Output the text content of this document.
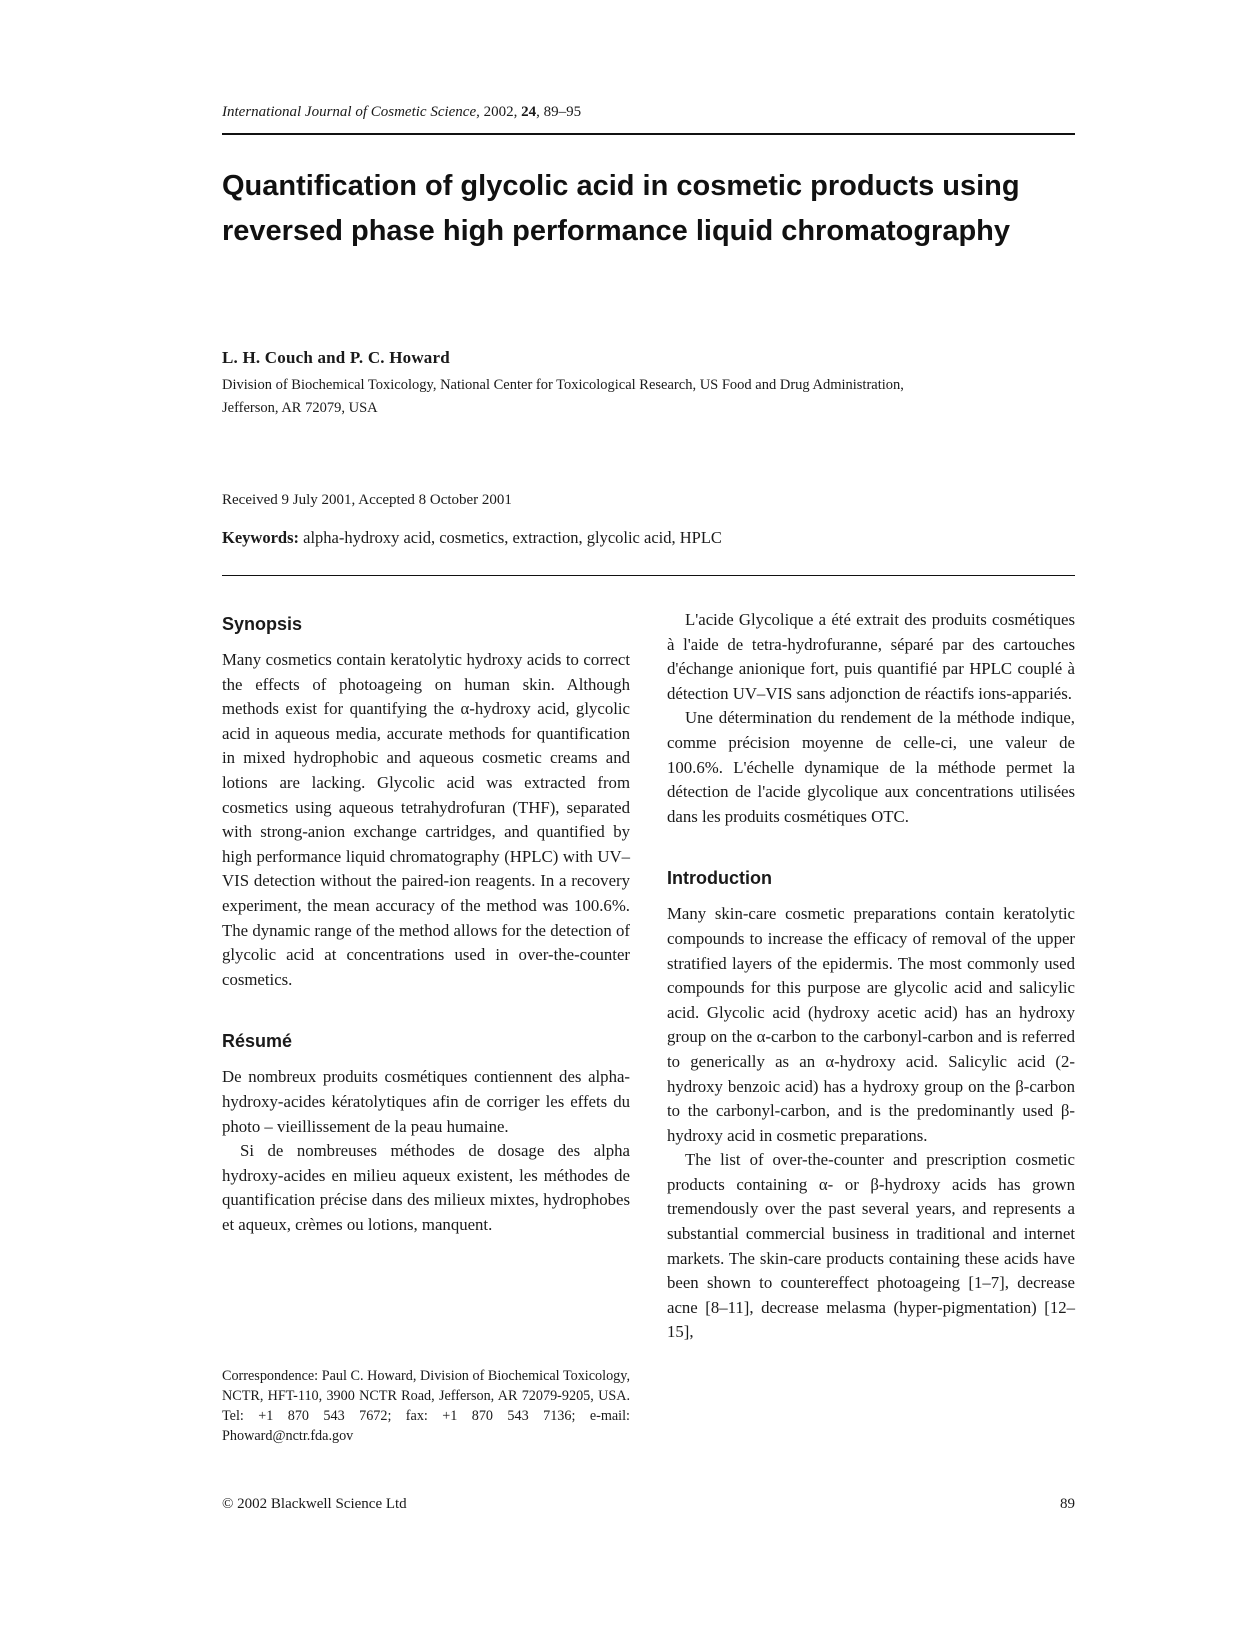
International Journal of Cosmetic Science, 2002, 24, 89–95
Quantification of glycolic acid in cosmetic products using reversed phase high performance liquid chromatography
L. H. Couch and P. C. Howard
Division of Biochemical Toxicology, National Center for Toxicological Research, US Food and Drug Administration,
Jefferson, AR 72079, USA
Received 9 July 2001, Accepted 8 October 2001
Keywords: alpha-hydroxy acid, cosmetics, extraction, glycolic acid, HPLC
Synopsis

Many cosmetics contain keratolytic hydroxy acids to correct the effects of photoageing on human skin. Although methods exist for quantifying the α-hydroxy acid, glycolic acid in aqueous media, accurate methods for quantification in mixed hydrophobic and aqueous cosmetic creams and lotions are lacking. Glycolic acid was extracted from cosmetics using aqueous tetrahydrofuran (THF), separated with strong-anion exchange cartridges, and quantified by high performance liquid chromatography (HPLC) with UV–VIS detection without the paired-ion reagents. In a recovery experiment, the mean accuracy of the method was 100.6%. The dynamic range of the method allows for the detection of glycolic acid at concentrations used in over-the-counter cosmetics.

Résumé

De nombreux produits cosmétiques contiennent des alpha-hydroxy-acides kératolytiques afin de corriger les effets du photo – vieillissement de la peau humaine.

Si de nombreuses méthodes de dosage des alpha hydroxy-acides en milieu aqueux existent, les méthodes de quantification précise dans des milieux mixtes, hydrophobes et aqueux, crèmes ou lotions, manquent.

Correspondence: Paul C. Howard, Division of Biochemical Toxicology, NCTR, HFT-110, 3900 NCTR Road, Jefferson, AR 72079-9205, USA. Tel: +1 870 543 7672; fax: +1 870 543 7136; e-mail: Phoward@nctr.fda.gov

L'acide Glycolique a été extrait des produits cosmétiques à l'aide de tetra-hydrofuranne, séparé par des cartouches d'échange anionique fort, puis quantifié par HPLC couplé à détection UV–VIS sans adjonction de réactifs ions-appariés.

Une détermination du rendement de la méthode indique, comme précision moyenne de celle-ci, une valeur de 100.6%. L'échelle dynamique de la méthode permet la détection de l'acide glycolique aux concentrations utilisées dans les produits cosmétiques OTC.

Introduction

Many skin-care cosmetic preparations contain keratolytic compounds to increase the efficacy of removal of the upper stratified layers of the epidermis. The most commonly used compounds for this purpose are glycolic acid and salicylic acid. Glycolic acid (hydroxy acetic acid) has an hydroxy group on the α-carbon to the carbonyl-carbon and is referred to generically as an α-hydroxy acid. Salicylic acid (2-hydroxy benzoic acid) has a hydroxy group on the β-carbon to the carbonyl-carbon, and is the predominantly used β-hydroxy acid in cosmetic preparations.

The list of over-the-counter and prescription cosmetic products containing α- or β-hydroxy acids has grown tremendously over the past several years, and represents a substantial commercial business in traditional and internet markets. The skin-care products containing these acids have been shown to countereffect photoageing [1–7], decrease acne [8–11], decrease melasma (hyper-pigmentation) [12–15],

© 2002 Blackwell Science Ltd	89
